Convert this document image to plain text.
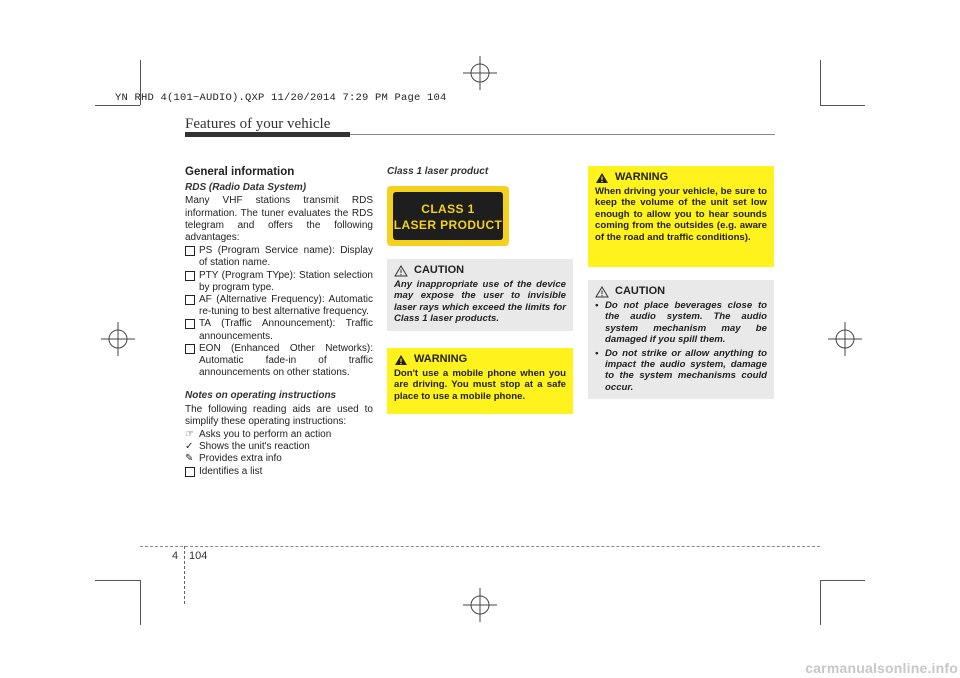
YN RHD 4(101~AUDIO).QXP 11/20/2014 7:29 PM Page 104
Features of your vehicle
General information
RDS (Radio Data System)
Many VHF stations transmit RDS information. The tuner evaluates the RDS telegram and offers the following advantages:
PS (Program Service name): Display of station name.
PTY (Program TYpe): Station selection by program type.
AF (Alternative Frequency): Automatic re-tuning to best alternative frequency.
TA (Traffic Announcement): Traffic announcements.
EON (Enhanced Other Networks): Automatic fade-in of traffic announcements on other stations.
Notes on operating instructions
The following reading aids are used to simplify these operating instructions:
☞ Asks you to perform an action
✓ Shows the unit's reaction
✎ Provides extra info
Identifies a list
Class 1 laser product
CLASS 1
LASER PRODUCT
CAUTION
Any inappropriate use of the device may expose the user to invisible laser rays which exceed the limits for Class 1 laser products.
WARNING
Don't use a mobile phone when you are driving. You must stop at a safe place to use a mobile phone.
WARNING
When driving your vehicle, be sure to keep the volume of the unit set low enough to allow you to hear sounds coming from the outsides (e.g. aware of the road and traffic conditions).
CAUTION
• Do not place beverages close to the audio system. The audio system mechanism may be damaged if you spill them.
• Do not strike or allow anything to impact the audio system, damage to the system mechanisms could occur.
4 104
carmanualsonline.info
